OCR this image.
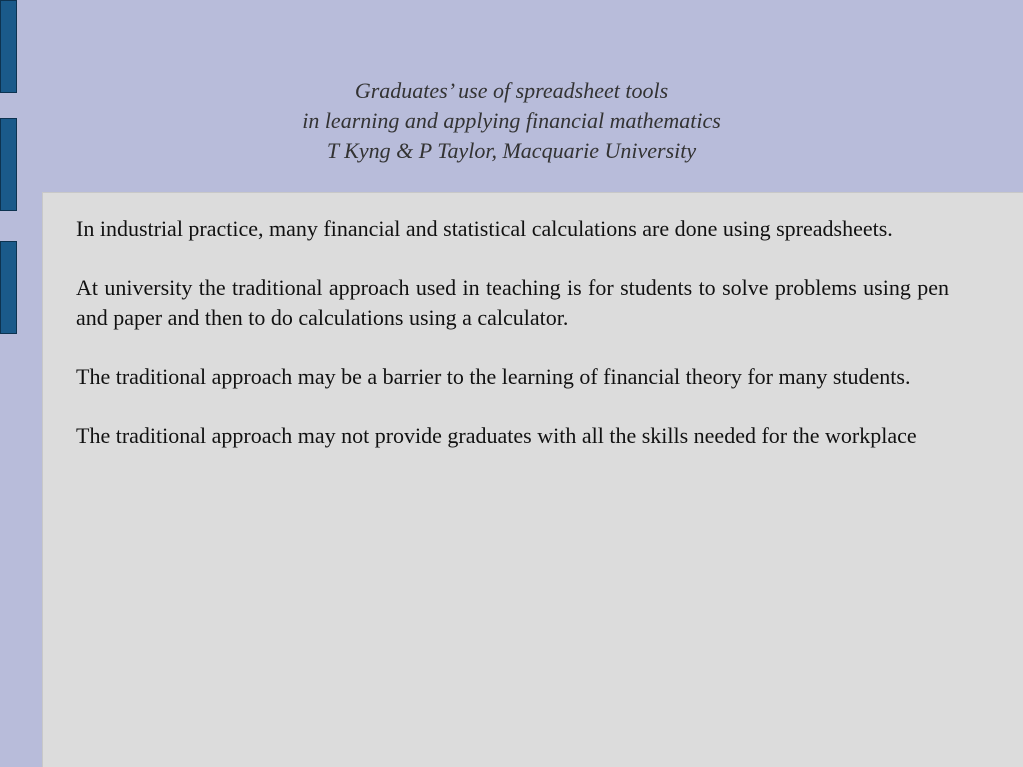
Graduates’ use of spreadsheet tools
in learning and applying financial mathematics
T Kyng & P Taylor, Macquarie University

In industrial practice, many financial and statistical calculations are done using spreadsheets.

At university the traditional approach used in teaching is for students to solve problems using pen and paper and then to do calculations using a calculator.

The traditional approach may be a barrier to the learning of financial theory for many students.

The traditional approach may not provide graduates with all the skills needed for the workplace
